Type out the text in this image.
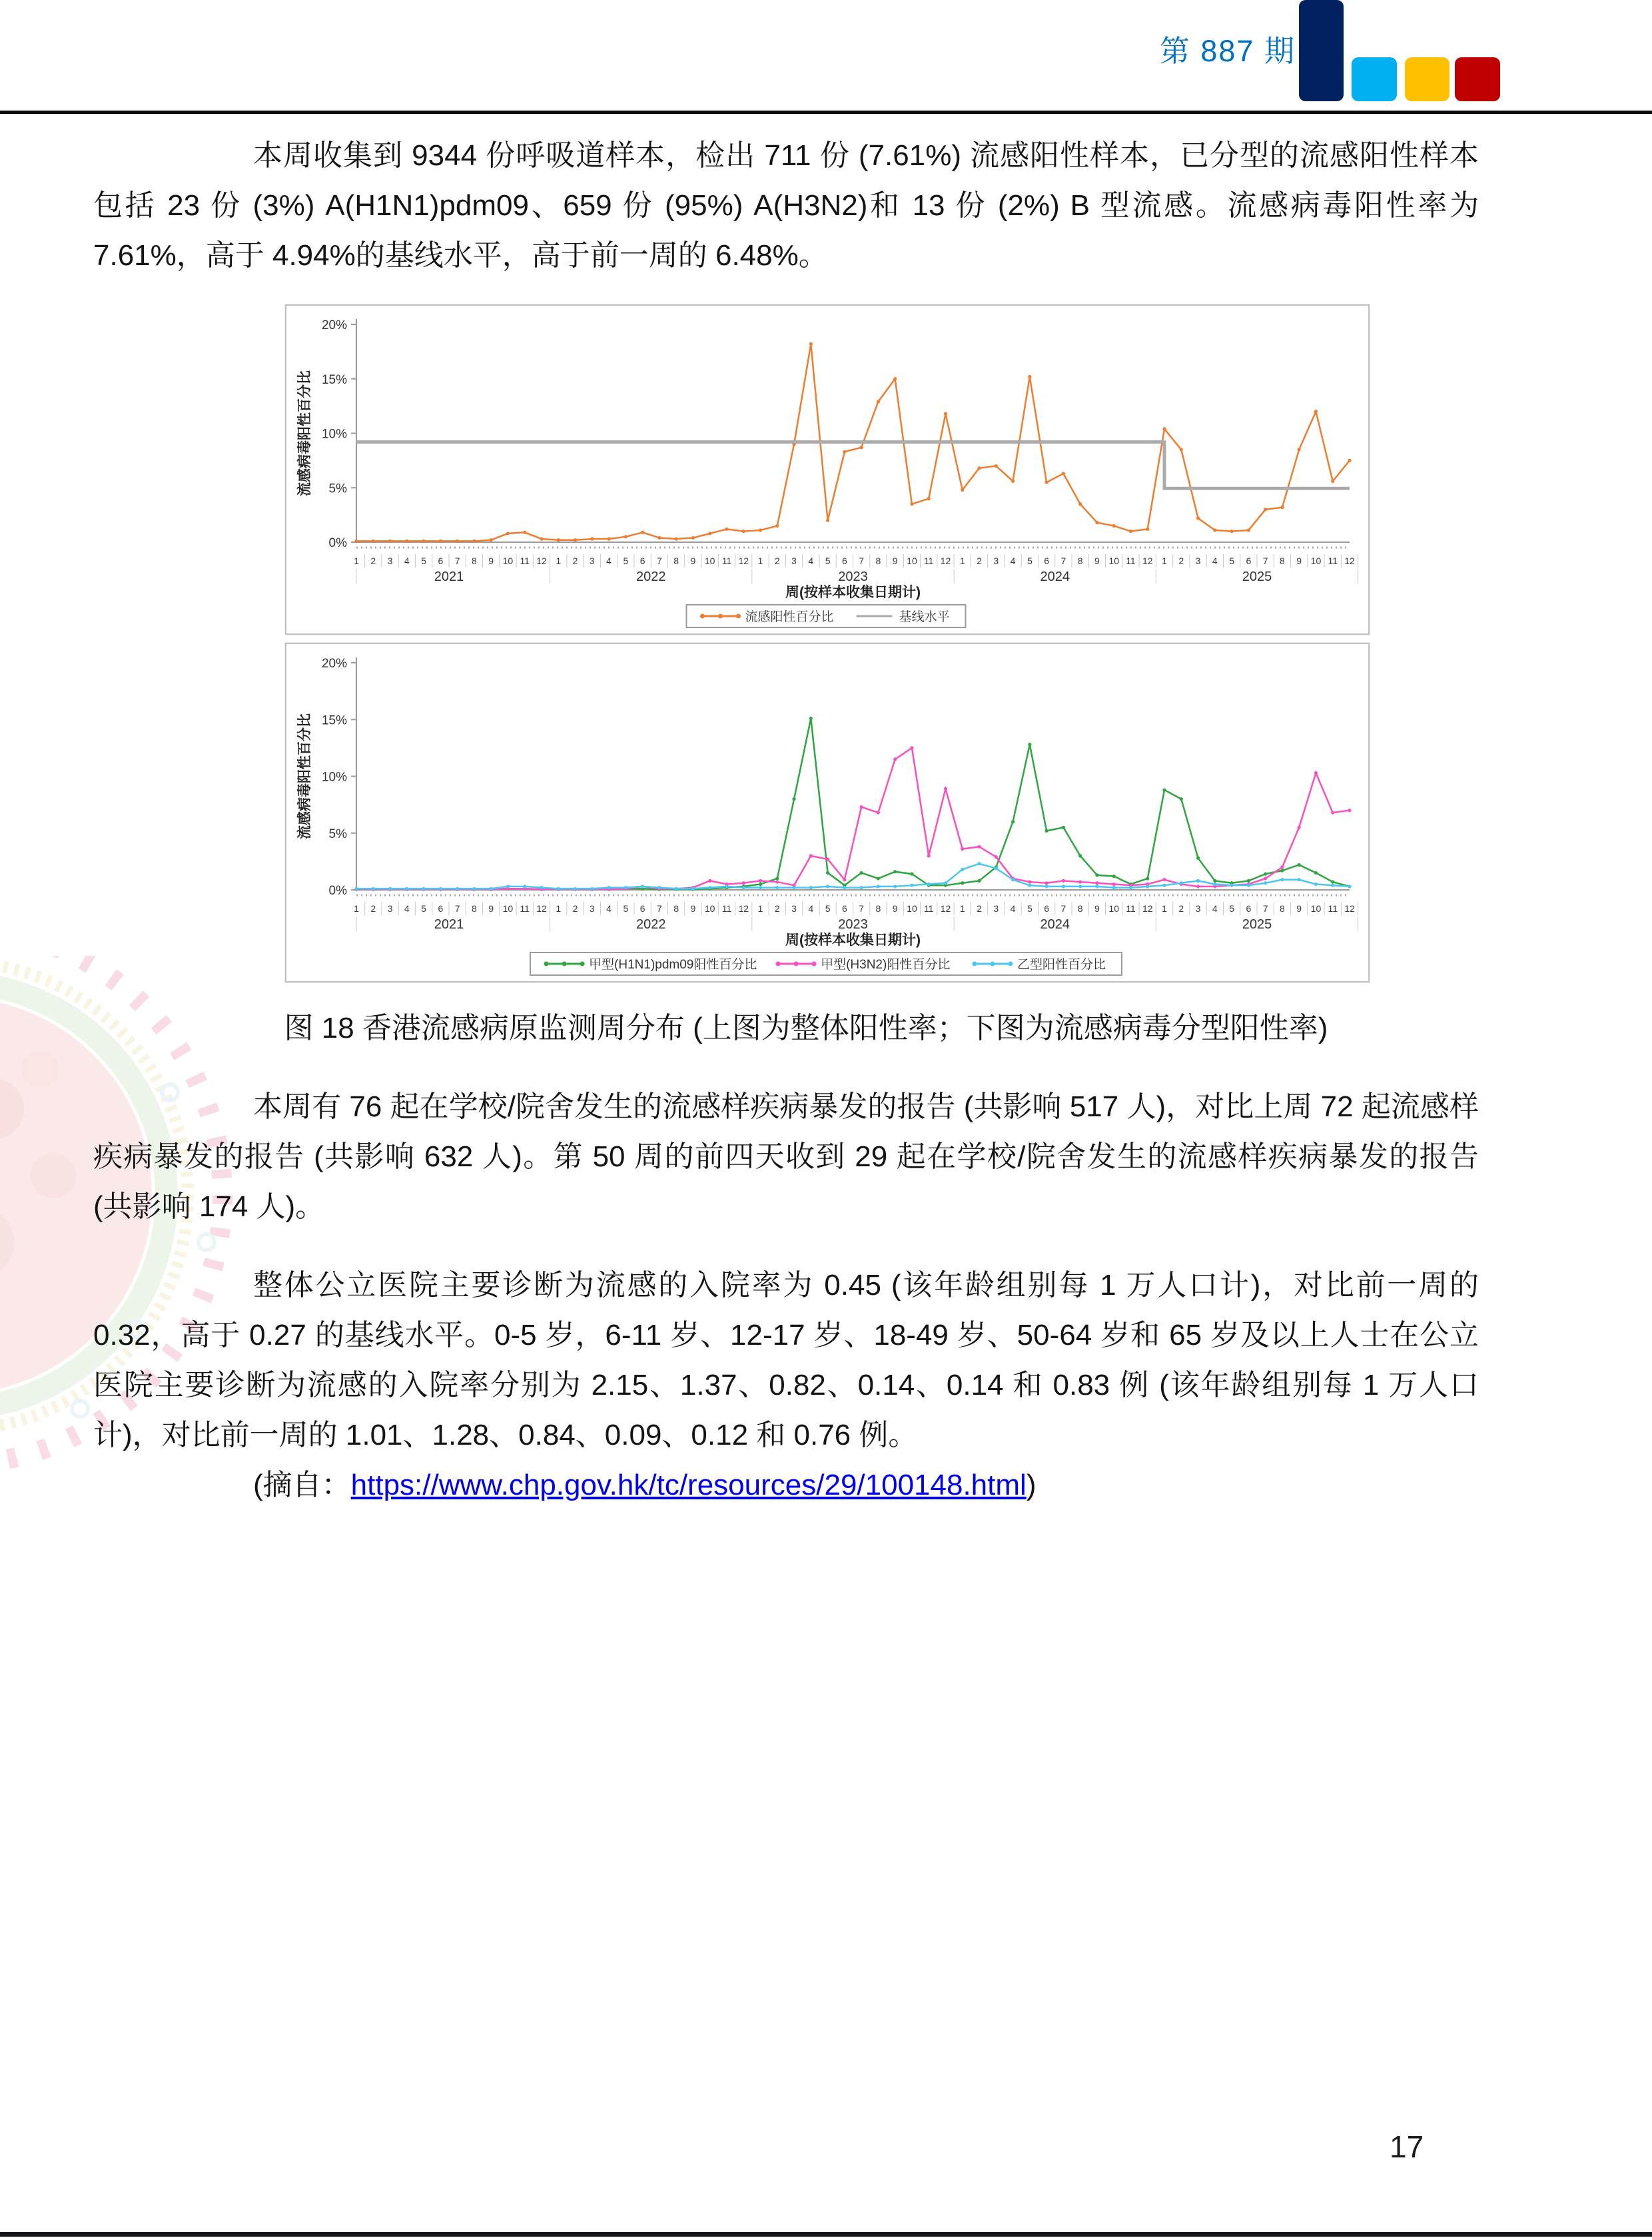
第 887 期

本周收集到 9344 份呼吸道样本，检出 711 份 (7.61%) 流感阳性样本，已分型的流感阳性样本包括 23 份 (3%) A(H1N1)pdm09、659 份 (95%) A(H3N2)和 13 份 (2%) B 型流感。流感病毒阳性率为 7.61%，高于 4.94%的基线水平，高于前一周的 6.48%。

0%
5%
10%
15%
20%
1 2 3 4 5 6 7 8 9 10 11 12 1 2 3 4 5 6 7 8 9 10 11 12 1 2 3 4 5 6 7 8 9 10 11 12 1 2 3 4 5 6 7 8 9 10 11 12 1 2 3 4 5 6 7 8 9 10 11 12
2021	2022	2023	2024	2025
周(按样本收集日期计)
流感病毒阳性百分比
流感阳性百分比	基线水平
0%
5%
10%
15%
20%
1 2 3 4 5 6 7 8 9 10 11 12 1 2 3 4 5 6 7 8 9 10 11 12 1 2 3 4 5 6 7 8 9 10 11 12 1 2 3 4 5 6 7 8 9 10 11 12 1 2 3 4 5 6 7 8 9 10 11 12
2021	2022	2023	2024	2025
周(按样本收集日期计)
流感病毒阳性百分比
甲型(H1N1)pdm09阳性百分比	甲型(H3N2)阳性百分比	乙型阳性百分比

图 18 香港流感病原监测周分布 (上图为整体阳性率；下图为流感病毒分型阳性率)

本周有 76 起在学校/院舍发生的流感样疾病暴发的报告 (共影响 517 人)，对比上周 72 起流感样疾病暴发的报告 (共影响 632 人)。第 50 周的前四天收到 29 起在学校/院舍发生的流感样疾病暴发的报告 (共影响 174 人)。

整体公立医院主要诊断为流感的入院率为 0.45 (该年龄组别每 1 万人口计)，对比前一周的 0.32，高于 0.27 的基线水平。0-5 岁，6-11 岁、12-17 岁、18-49 岁、50-64 岁和 65 岁及以上人士在公立医院主要诊断为流感的入院率分别为 2.15、1.37、0.82、0.14、0.14 和 0.83 例 (该年龄组别每 1 万人口计)，对比前一周的 1.01、1.28、0.84、0.09、0.12 和 0.76 例。

(摘自：https://www.chp.gov.hk/tc/resources/29/100148.html)

17
